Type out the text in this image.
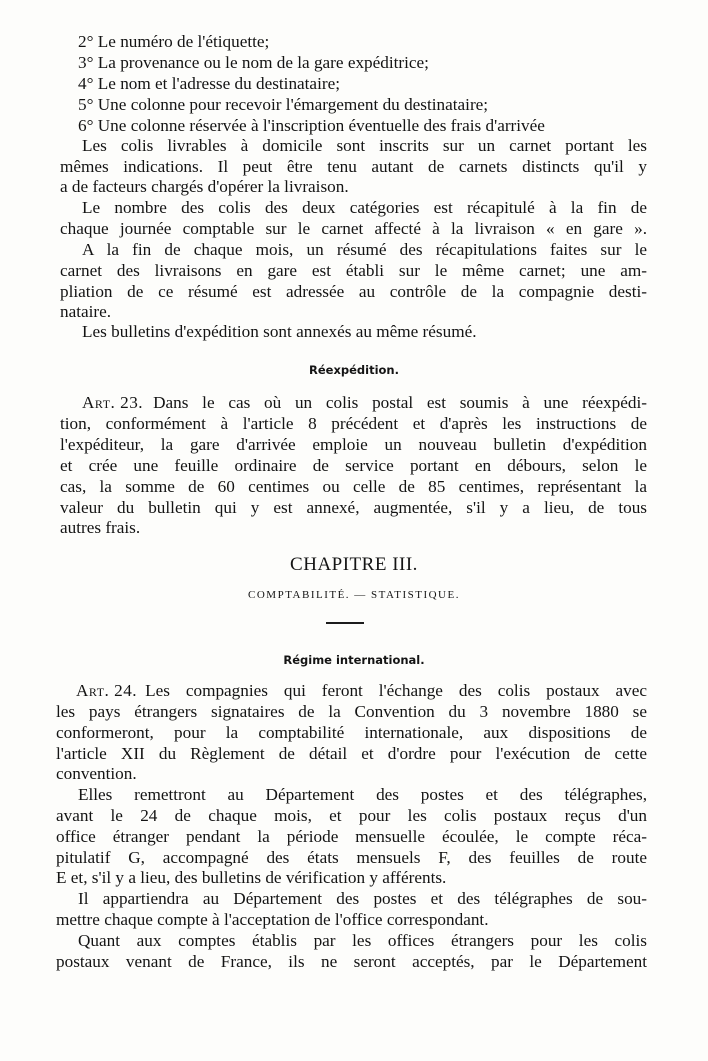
2° Le numéro de l'étiquette;
3° La provenance ou le nom de la gare expéditrice;
4° Le nom et l'adresse du destinataire;
5° Une colonne pour recevoir l'émargement du destinataire;
6° Une colonne réservée à l'inscription éventuelle des frais d'arrivée
Les colis livrables à domicile sont inscrits sur un carnet portant les
mêmes indications. Il peut être tenu autant de carnets distincts qu'il y
a de facteurs chargés d'opérer la livraison.
Le nombre des colis des deux catégories est récapitulé à la fin de
chaque journée comptable sur le carnet affecté à la livraison « en gare ».
A la fin de chaque mois, un résumé des récapitulations faites sur le
carnet des livraisons en gare est établi sur le même carnet; une am-
pliation de ce résumé est adressée au contrôle de la compagnie desti-
nataire.
Les bulletins d'expédition sont annexés au même résumé.
Réexpédition.
Art. 23. Dans le cas où un colis postal est soumis à une réexpédi-
tion, conformément à l'article 8 précédent et d'après les instructions de
l'expéditeur, la gare d'arrivée emploie un nouveau bulletin d'expédition
et crée une feuille ordinaire de service portant en débours, selon le
cas, la somme de 60 centimes ou celle de 85 centimes, représentant la
valeur du bulletin qui y est annexé, augmentée, s'il y a lieu, de tous
autres frais.
CHAPITRE III.
COMPTABILITÉ. — STATISTIQUE.
Régime international.
Art. 24. Les compagnies qui feront l'échange des colis postaux avec
les pays étrangers signataires de la Convention du 3 novembre 1880 se
conformeront, pour la comptabilité internationale, aux dispositions de
l'article XII du Règlement de détail et d'ordre pour l'exécution de cette
convention.
Elles remettront au Département des postes et des télégraphes,
avant le 24 de chaque mois, et pour les colis postaux reçus d'un
office étranger pendant la période mensuelle écoulée, le compte réca-
pitulatif G, accompagné des états mensuels F, des feuilles de route
E et, s'il y a lieu, des bulletins de vérification y afférents.
Il appartiendra au Département des postes et des télégraphes de sou-
mettre chaque compte à l'acceptation de l'office correspondant.
Quant aux comptes établis par les offices étrangers pour les colis
postaux venant de France, ils ne seront acceptés, par le Département
